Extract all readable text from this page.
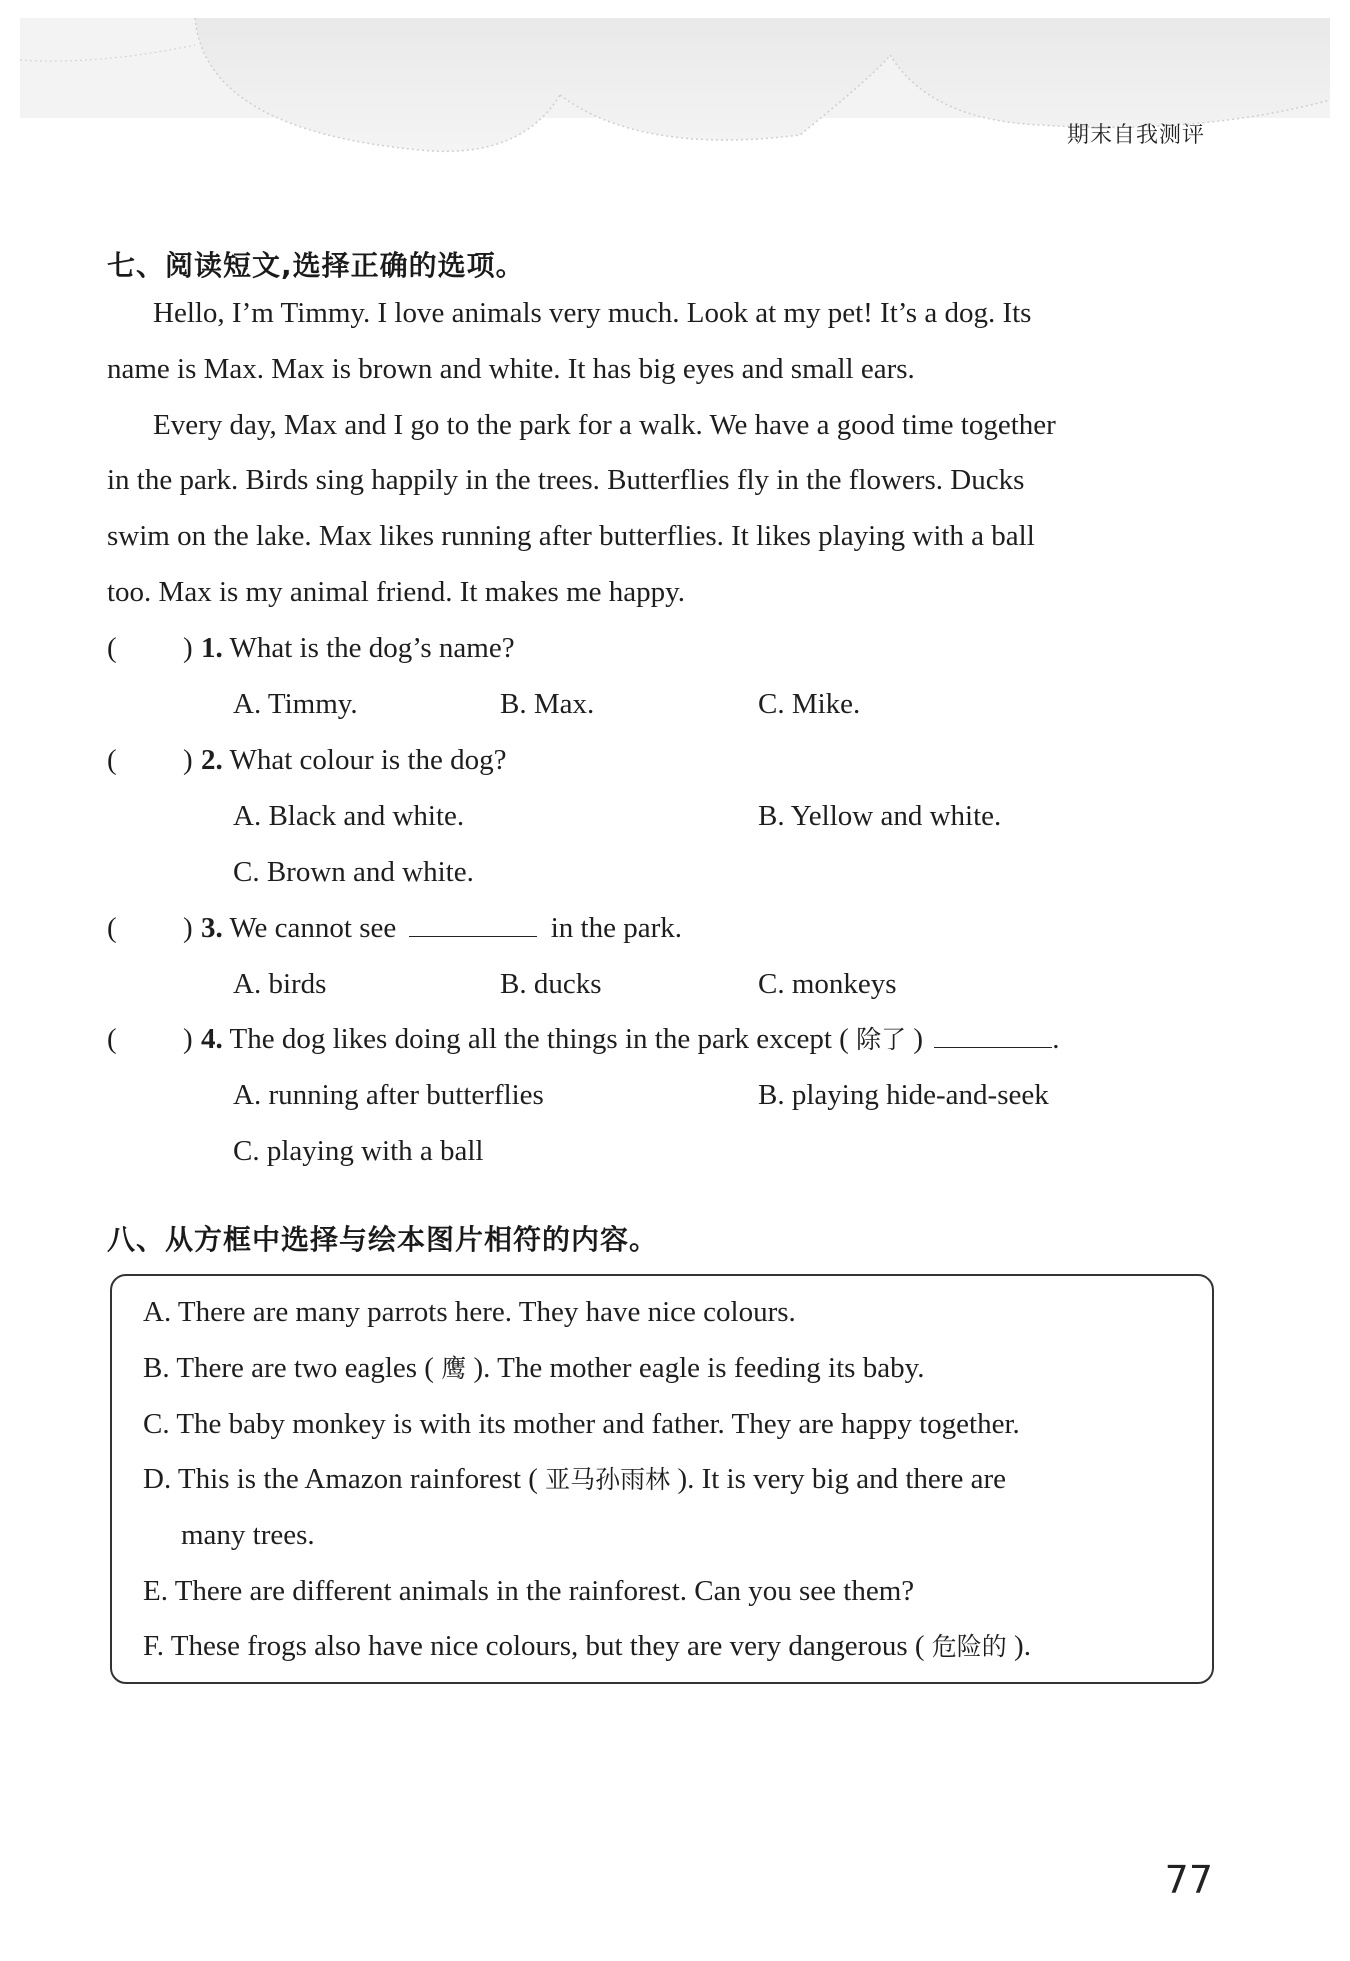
期末自我测评
七、阅读短文,选择正确的选项。
Hello, I’m Timmy. I love animals very much. Look at my pet! It’s a dog. Its
name is Max. Max is brown and white. It has big eyes and small ears.
Every day, Max and I go to the park for a walk. We have a good time together
in the park. Birds sing happily in the trees. Butterflies fly in the flowers. Ducks
swim on the lake. Max likes running after butterflies. It likes playing with a ball
too. Max is my animal friend. It makes me happy.
( ) 1. What is the dog’s name?
A. Timmy.	B. Max.	C. Mike.
( ) 2. What colour is the dog?
A. Black and white.	B. Yellow and white.
C. Brown and white.
( ) 3. We cannot see	in the park.
A. birds	B. ducks	C. monkeys
( ) 4. The dog likes doing all the things in the park except ( 除了 )	.
A. running after butterflies	B. playing hide-and-seek
C. playing with a ball
八、从方框中选择与绘本图片相符的内容。
A. There are many parrots here. They have nice colours.
B. There are two eagles ( 鹰 ). The mother eagle is feeding its baby.
C. The baby monkey is with its mother and father. They are happy together.
D. This is the Amazon rainforest ( 亚马孙雨林 ). It is very big and there are
many trees.
E. There are different animals in the rainforest. Can you see them?
F. These frogs also have nice colours, but they are very dangerous ( 危险的 ).
77
